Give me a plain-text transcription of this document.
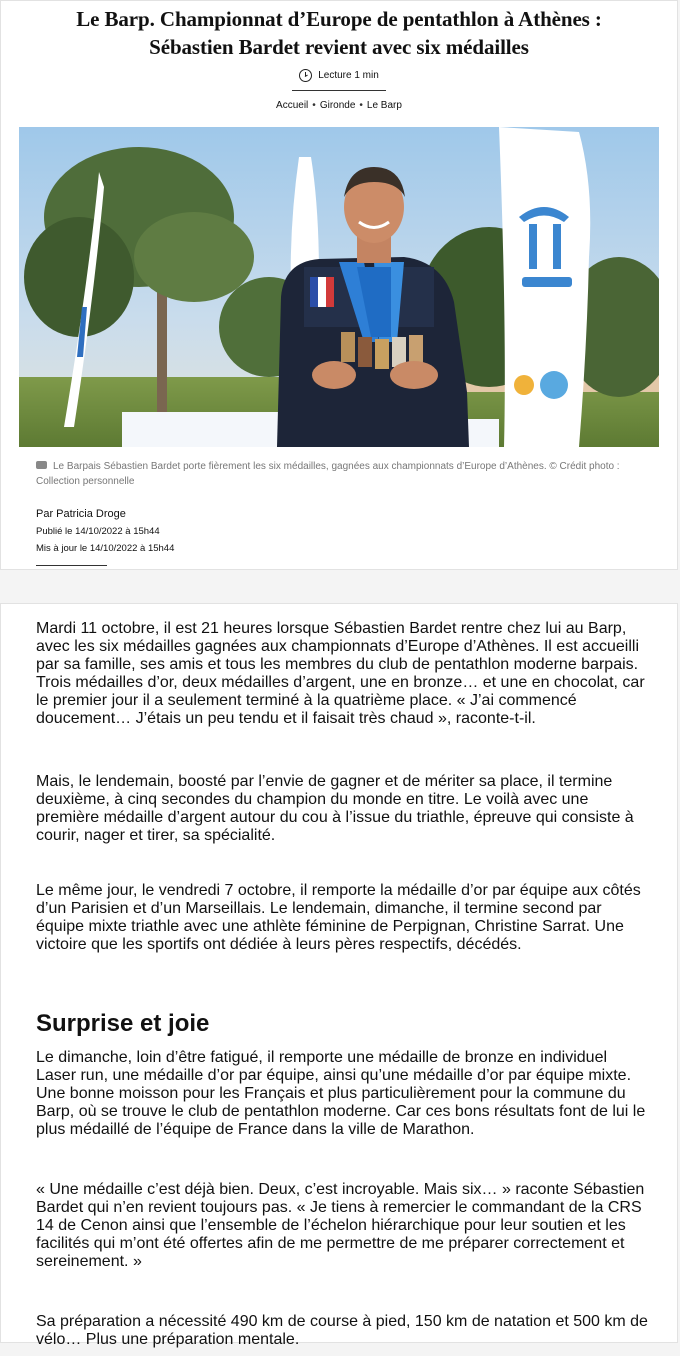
Le Barp. Championnat d’Europe de pentathlon à Athènes :
Sébastien Bardet revient avec six médailles
Lecture 1 min
Accueil • Gironde • Le Barp
Le Barpais Sébastien Bardet porte fièrement les six médailles, gagnées aux championnats d’Europe d’Athènes. © Crédit photo : Collection personnelle
Par Patricia Droge
Publié le 14/10/2022 à 15h44
Mis à jour le 14/10/2022 à 15h44

Mardi 11 octobre, il est 21 heures lorsque Sébastien Bardet rentre chez lui au Barp, avec les six médailles gagnées aux championnats d’Europe d’Athènes. Il est accueilli par sa famille, ses amis et tous les membres du club de pentathlon moderne barpais. Trois médailles d’or, deux médailles d’argent, une en bronze… et une en chocolat, car le premier jour il a seulement terminé à la quatrième place. « J’ai commencé doucement… J’étais un peu tendu et il faisait très chaud », raconte-t-il.

Mais, le lendemain, boosté par l’envie de gagner et de mériter sa place, il termine deuxième, à cinq secondes du champion du monde en titre. Le voilà avec une première médaille d’argent autour du cou à l’issue du triathle, épreuve qui consiste à courir, nager et tirer, sa spécialité.

Le même jour, le vendredi 7 octobre, il remporte la médaille d’or par équipe aux côtés d’un Parisien et d’un Marseillais. Le lendemain, dimanche, il termine second par équipe mixte triathle avec une athlète féminine de Perpignan, Christine Sarrat. Une victoire que les sportifs ont dédiée à leurs pères respectifs, décédés.

Surprise et joie

Le dimanche, loin d’être fatigué, il remporte une médaille de bronze en individuel Laser run, une médaille d’or par équipe, ainsi qu’une médaille d’or par équipe mixte. Une bonne moisson pour les Français et plus particulièrement pour la commune du Barp, où se trouve le club de pentathlon moderne. Car ces bons résultats font de lui le plus médaillé de l’équipe de France dans la ville de Marathon.

« Une médaille c’est déjà bien. Deux, c’est incroyable. Mais six… » raconte Sébastien Bardet qui n’en revient toujours pas. « Je tiens à remercier le commandant de la CRS 14 de Cenon ainsi que l’ensemble de l’échelon hiérarchique pour leur soutien et les facilités qui m’ont été offertes afin de me permettre de me préparer correctement et sereinement. »

Sa préparation a nécessité 490 km de course à pied, 150 km de natation et 500 km de vélo… Plus une préparation mentale.
